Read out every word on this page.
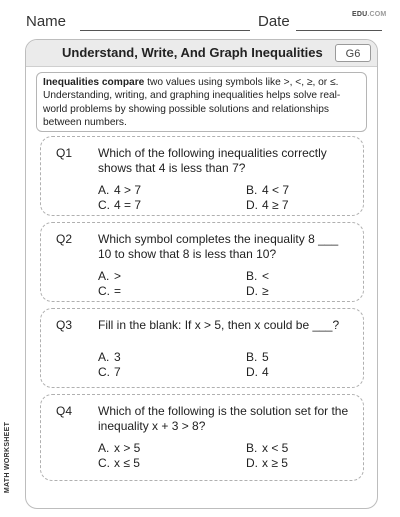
Name	Date	EDU.COM
Understand, Write, And Graph Inequalities	G6
Inequalities compare two values using symbols like >, <, ≥, or ≤. Understanding, writing, and graphing inequalities helps solve real-world problems by showing possible solutions and relationships between numbers.
Q1 Which of the following inequalities correctly shows that 4 is less than 7?
A. 4 > 7	B. 4 < 7
C. 4 = 7	D. 4 ≥ 7
Q2 Which symbol completes the inequality 8 ___ 10 to show that 8 is less than 10?
A. >	B. <
C. =	D. ≥
Q3 Fill in the blank: If x > 5, then x could be ___?
A. 3	B. 5
C. 7	D. 4
Q4 Which of the following is the solution set for the inequality x + 3 > 8?
A. x > 5	B. x < 5
C. x ≤ 5	D. x ≥ 5
MATH WORKSHEET
